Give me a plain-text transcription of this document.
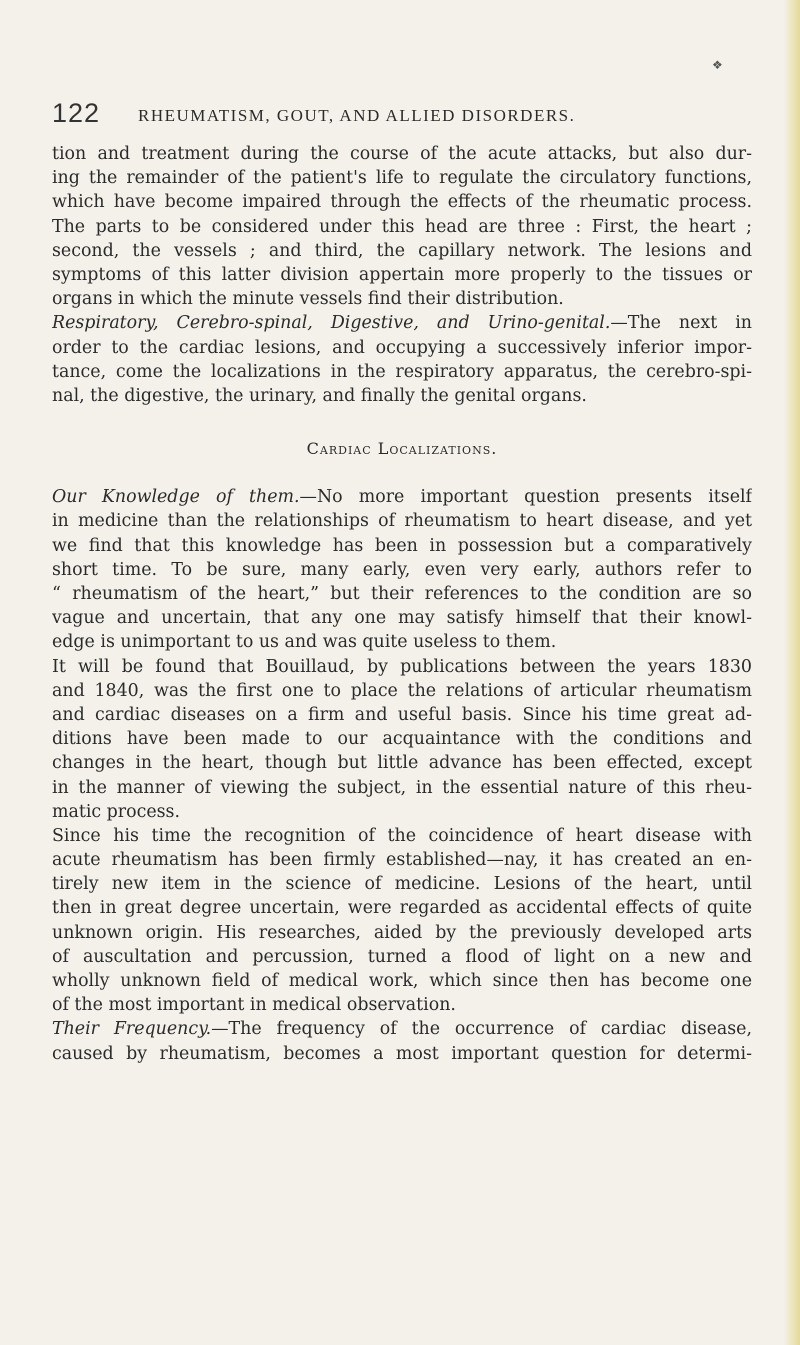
122 RHEUMATISM, GOUT, AND ALLIED DISORDERS.
❖
tion and treatment during the course of the acute attacks, but also dur-
ing the remainder of the patient's life to regulate the circulatory functions,
which have become impaired through the effects of the rheumatic process.
The parts to be considered under this head are three : First, the heart ;
second, the vessels ; and third, the capillary network. The lesions and
symptoms of this latter division appertain more properly to the tissues or
organs in which the minute vessels find their distribution.
Respiratory, Cerebro-spinal, Digestive, and Urino-genital.—The next in
order to the cardiac lesions, and occupying a successively inferior impor-
tance, come the localizations in the respiratory apparatus, the cerebro-spi-
nal, the digestive, the urinary, and finally the genital organs.
Cardiac Localizations.
Our Knowledge of them.—No more important question presents itself
in medicine than the relationships of rheumatism to heart disease, and yet
we find that this knowledge has been in possession but a comparatively
short time. To be sure, many early, even very early, authors refer to
“ rheumatism of the heart,” but their references to the condition are so
vague and uncertain, that any one may satisfy himself that their knowl-
edge is unimportant to us and was quite useless to them.
It will be found that Bouillaud, by publications between the years 1830
and 1840, was the first one to place the relations of articular rheumatism
and cardiac diseases on a firm and useful basis. Since his time great ad-
ditions have been made to our acquaintance with the conditions and
changes in the heart, though but little advance has been effected, except
in the manner of viewing the subject, in the essential nature of this rheu-
matic process.
Since his time the recognition of the coincidence of heart disease with
acute rheumatism has been firmly established—nay, it has created an en-
tirely new item in the science of medicine. Lesions of the heart, until
then in great degree uncertain, were regarded as accidental effects of quite
unknown origin. His researches, aided by the previously developed arts
of auscultation and percussion, turned a flood of light on a new and
wholly unknown field of medical work, which since then has become one
of the most important in medical observation.
Their Frequency.—The frequency of the occurrence of cardiac disease,
caused by rheumatism, becomes a most important question for determi-
